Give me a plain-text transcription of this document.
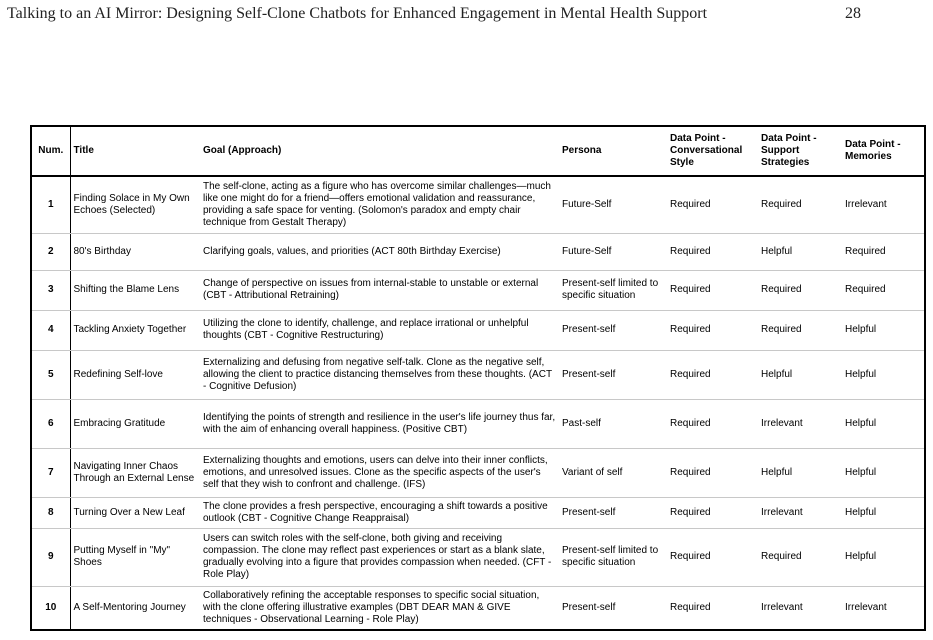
Talking to an AI Mirror: Designing Self-Clone Chatbots for Enhanced Engagement in Mental Health Support	28
Num.	Title	Goal (Approach)	Persona	Data Point - Conversational Style	Data Point - Support Strategies	Data Point - Memories
1	Finding Solace in My Own Echoes (Selected)	The self-clone, acting as a figure who has overcome similar challenges—much like one might do for a friend—offers emotional validation and reassurance, providing a safe space for venting. (Solomon's paradox and empty chair technique from Gestalt Therapy)	Future-Self	Required	Required	Irrelevant
2	80's Birthday	Clarifying goals, values, and priorities (ACT 80th Birthday Exercise)	Future-Self	Required	Helpful	Required
3	Shifting the Blame Lens	Change of perspective on issues from internal-stable to unstable or external (CBT - Attributional Retraining)	Present-self limited to specific situation	Required	Required	Required
4	Tackling Anxiety Together	Utilizing the clone to identify, challenge, and replace irrational or unhelpful thoughts (CBT - Cognitive Restructuring)	Present-self	Required	Required	Helpful
5	Redefining Self-love	Externalizing and defusing from negative self-talk. Clone as the negative self, allowing the client to practice distancing themselves from these thoughts. (ACT - Cognitive Defusion)	Present-self	Required	Helpful	Helpful
6	Embracing Gratitude	Identifying the points of strength and resilience in the user's life journey thus far, with the aim of enhancing overall happiness. (Positive CBT)	Past-self	Required	Irrelevant	Helpful
7	Navigating Inner Chaos Through an External Lense	Externalizing thoughts and emotions, users can delve into their inner conflicts, emotions, and unresolved issues. Clone as the specific aspects of the user's self that they wish to confront and challenge. (IFS)	Variant of self	Required	Helpful	Helpful
8	Turning Over a New Leaf	The clone provides a fresh perspective, encouraging a shift towards a positive outlook (CBT - Cognitive Change Reappraisal)	Present-self	Required	Irrelevant	Helpful
9	Putting Myself in "My" Shoes	Users can switch roles with the self-clone, both giving and receiving compassion. The clone may reflect past experiences or start as a blank slate, gradually evolving into a figure that provides compassion when needed. (CFT - Role Play)	Present-self limited to specific situation	Required	Required	Helpful
10	A Self-Mentoring Journey	Collaboratively refining the acceptable responses to specific social situation, with the clone offering illustrative examples (DBT DEAR MAN & GIVE techniques - Observational Learning - Role Play)	Present-self	Required	Irrelevant	Irrelevant
